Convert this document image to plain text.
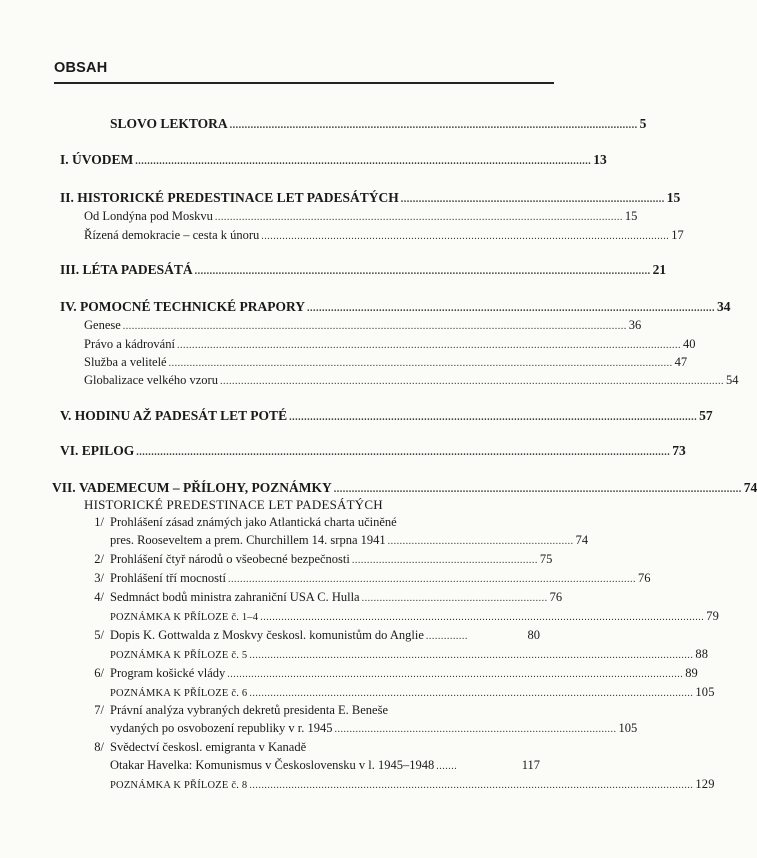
OBSAH
SLOVO LEKTORA ........................................................................................................................................ 5
I.
ÚVODEM ........................................................................................................................................................ 13
II.
HISTORICKÉ PREDESTINACE LET PADESÁTÝCH ........................................................................................ 15
Od Londýna pod Moskvu ........................................................................................................................................ 15
Řízená demokracie – cesta k únoru ........................................................................................................................................ 17
III.
LÉTA PADESÁTÁ ........................................................................................................................................................ 21
IV.
POMOCNÉ TECHNICKÉ PRAPORY ........................................................................................................................................ 34
Genese ........................................................................................................................................................................ 36
Právo a kádrování ........................................................................................................................................................................ 40
Služba a velitelé ........................................................................................................................................................................ 47
Globalizace velkého vzoru ........................................................................................................................................................................ 54
V.
HODINU AŽ PADESÁT LET POTÉ ........................................................................................................................................ 57
VI.
EPILOG .................................................................................................................................................................................. 73
VII.
VADEMECUM – PŘÍLOHY, POZNÁMKY ........................................................................................................................................ 74
HISTORICKÉ PREDESTINACE LET PADESÁTÝCH
1/ Prohlášení zásad známých jako Atlantická charta učiněné
pres. Rooseveltem a prem. Churchillem 14. srpna 1941 .............................................................. 74
2/ Prohlášení čtyř národů o všeobecné bezpečnosti .............................................................. 75
3/ Prohlášení tří mocností ........................................................................................................................................ 76
4/ Sedmnáct bodů ministra zahraniční USA C. Hulla .............................................................. 76
POZNÁMKA K PŘÍLOZE č. 1–4 .................................................................................................................................................... 79
5/ Dopis K. Gottwalda z Moskvy českosl. komunistům do Anglie ..............	80
POZNÁMKA K PŘÍLOZE č. 5 .................................................................................................................................................... 88
6/ Program košické vlády ........................................................................................................................................................ 89
POZNÁMKA K PŘÍLOZE č. 6 .................................................................................................................................................... 105
7/ Právní analýza vybraných dekretů presidenta E. Beneše
vydaných po osvobození republiky v r. 1945 .............................................................................................. 105
8/ Svědectví českosl. emigranta v Kanadě
Otakar Havelka: Komunismus v Československu v l. 1945–1948 .......	117
POZNÁMKA K PŘÍLOZE č. 8 .................................................................................................................................................... 129
